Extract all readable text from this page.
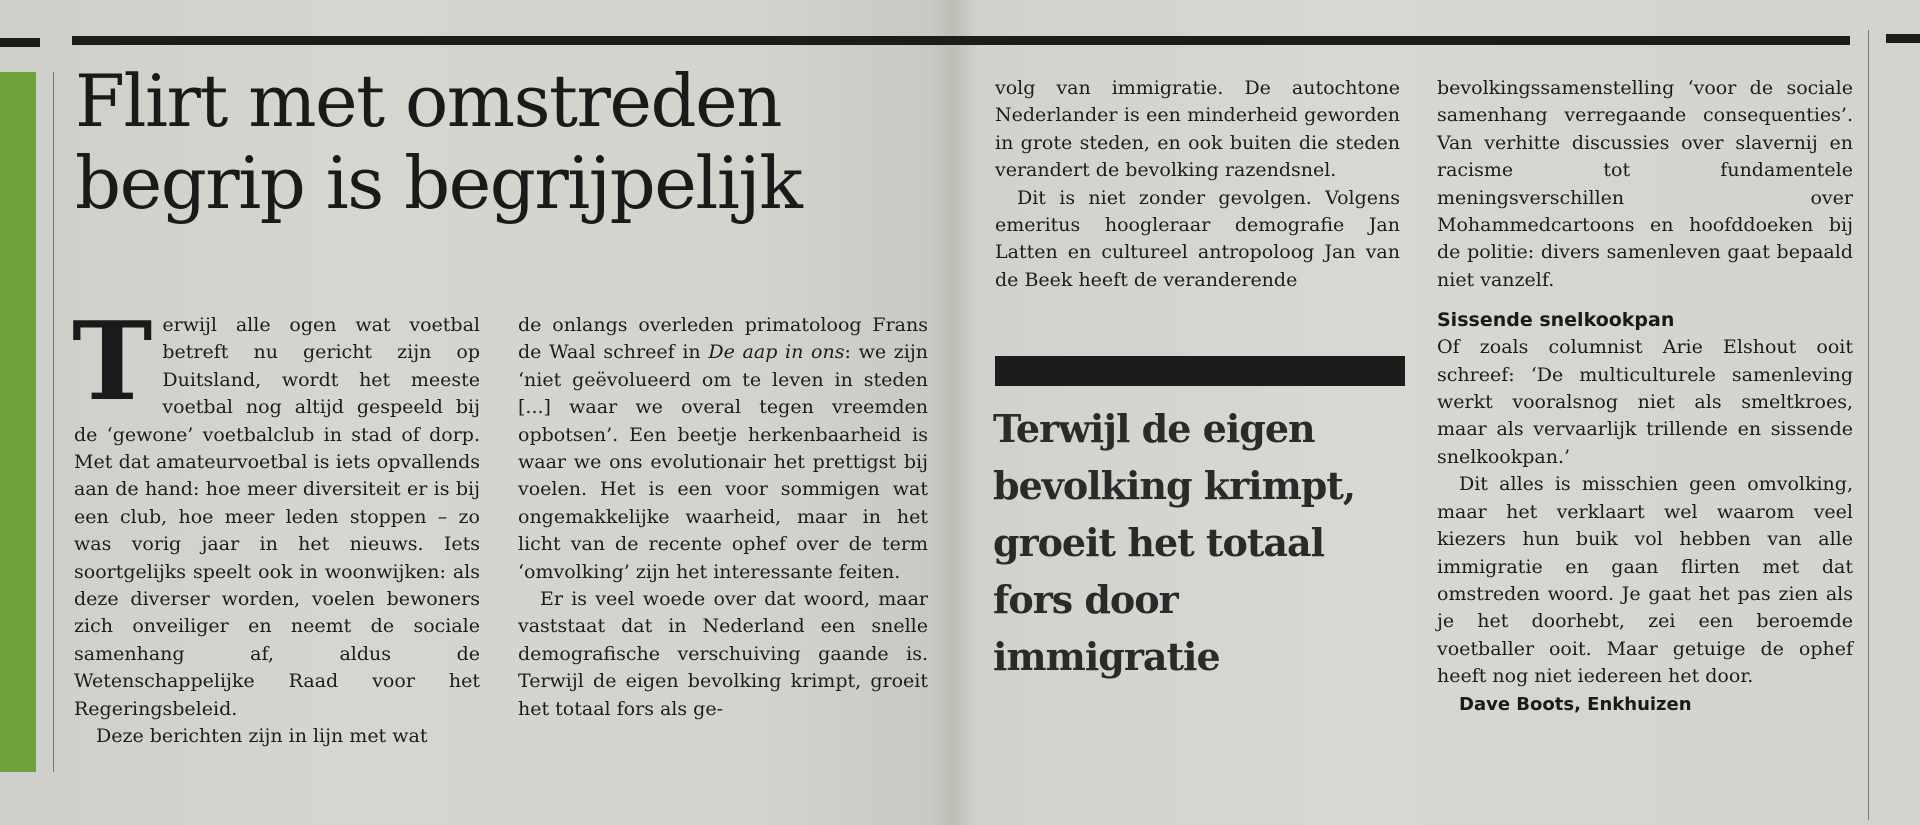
Flirt met omstreden begrip is begrijpelijk

Terwijl alle ogen wat voetbal betreft nu gericht zijn op Duitsland, wordt het meeste voetbal nog altijd gespeeld bij de ‘gewone’ voetbalclub in stad of dorp. Met dat amateurvoetbal is iets opvallends aan de hand: hoe meer diversiteit er is bij een club, hoe meer leden stoppen – zo was vorig jaar in het nieuws. Iets soortgelijks speelt ook in woonwijken: als deze diverser worden, voelen bewoners zich onveiliger en neemt de sociale samenhang af, aldus de Wetenschappelijke Raad voor het Regeringsbeleid.

Deze berichten zijn in lijn met wat

de onlangs overleden primatoloog Frans de Waal schreef in De aap in ons: we zijn ‘niet geëvolueerd om te leven in steden [...] waar we overal tegen vreemden opbotsen’. Een beetje herkenbaarheid is waar we ons evolutionair het prettigst bij voelen. Het is een voor sommigen wat ongemakkelijke waarheid, maar in het licht van de recente ophef over de term ‘omvolking’ zijn het interessante feiten.

Er is veel woede over dat woord, maar vaststaat dat in Nederland een snelle demografische verschuiving gaande is. Terwijl de eigen bevolking krimpt, groeit het totaal fors als ge-

volg van immigratie. De autochtone Nederlander is een minderheid geworden in grote steden, en ook buiten die steden verandert de bevolking razendsnel.

Dit is niet zonder gevolgen. Volgens emeritus hoogleraar demografie Jan Latten en cultureel antropoloog Jan van de Beek heeft de veranderende

Terwijl de eigen bevolking krimpt, groeit het totaal fors door immigratie

bevolkingssamenstelling ‘voor de sociale samenhang verregaande consequenties’. Van verhitte discussies over slavernij en racisme tot fundamentele meningsverschillen over Mohammedcartoons en hoofddoeken bij de politie: divers samenleven gaat bepaald niet vanzelf.

Sissende snelkookpan

Of zoals columnist Arie Elshout ooit schreef: ‘De multiculturele samenleving werkt vooralsnog niet als smeltkroes, maar als vervaarlijk trillende en sissende snelkookpan.’

Dit alles is misschien geen omvolking, maar het verklaart wel waarom veel kiezers hun buik vol hebben van alle immigratie en gaan flirten met dat omstreden woord. Je gaat het pas zien als je het doorhebt, zei een beroemde voetballer ooit. Maar getuige de ophef heeft nog niet iedereen het door.

Dave Boots, Enkhuizen
